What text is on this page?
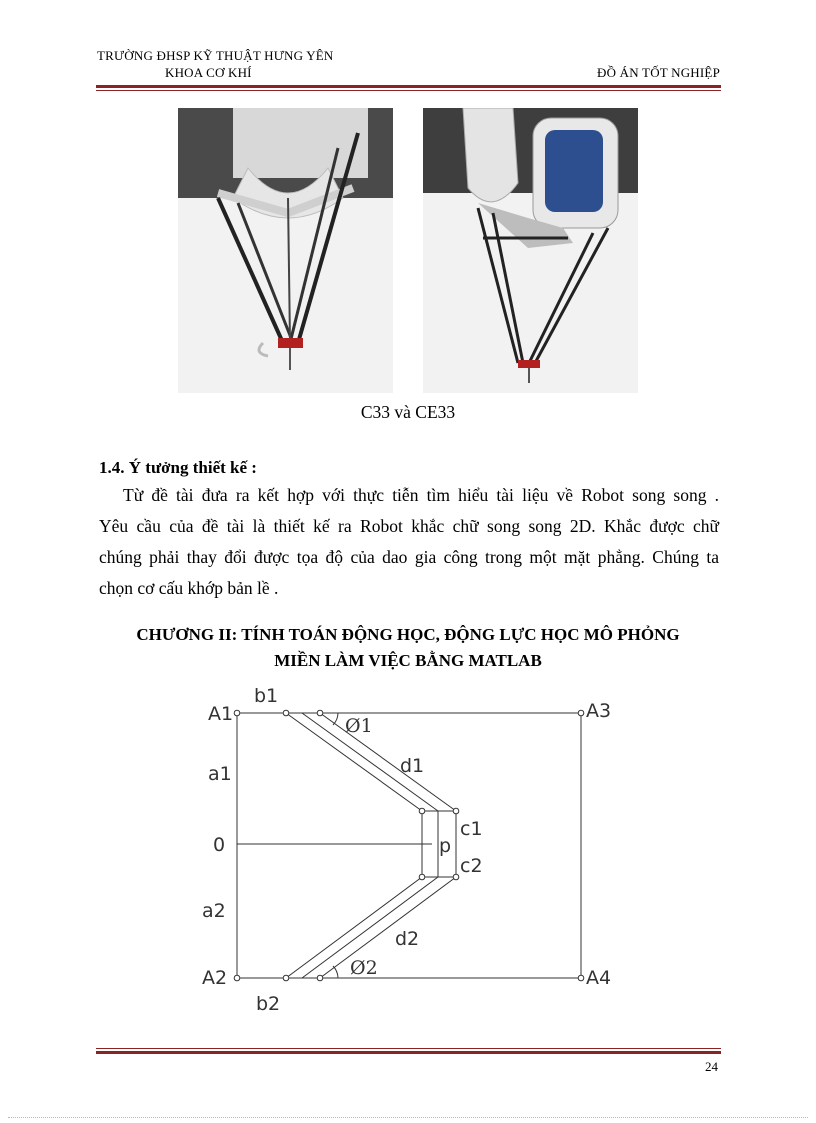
TRƯỜNG ĐHSP KỸ THUẬT HƯNG YÊN
KHOA CƠ KHÍ	ĐỒ ÁN TỐT NGHIỆP
C33 và CE33
1.4. Ý tưởng thiết kế :
Từ đề tài đưa ra kết hợp với thực tiễn tìm hiểu tài liệu về Robot song song .
Yêu cầu của đề tài là thiết kế ra Robot khắc chữ song song 2D. Khắc được chữ
chúng phải thay đổi được tọa độ của dao gia công trong một mặt phẳng. Chúng ta
chọn cơ cấu khớp bản lề .
CHƯƠNG II: TÍNH TOÁN ĐỘNG HỌC, ĐỘNG LỰC HỌC MÔ PHỎNG
MIỀN LÀM VIỆC BẰNG MATLAB
A1
b1
Ø1
A3
d1
a1
c1
0	p
c2
a2
d2
Ø2
A2	A4
b2
24
